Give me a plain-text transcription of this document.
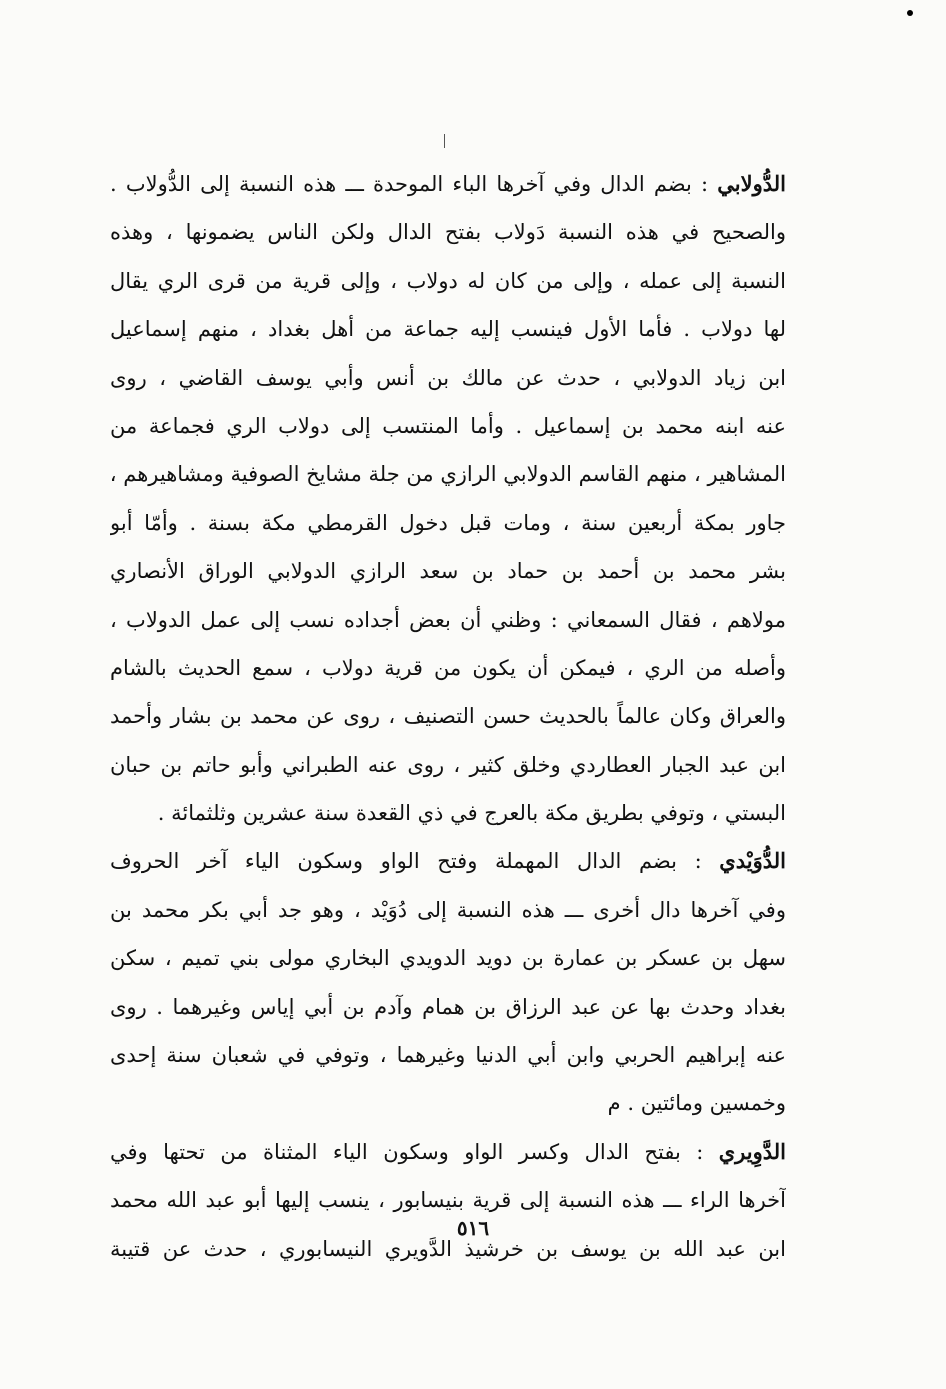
الدُّولابي : بضم الدال وفي آخرها الباء الموحدة ـــ هذه النسبة إلى الدُّولاب .
والصحيح في هذه النسبة دَولاب بفتح الدال ولكن الناس يضمونها ، وهذه
النسبة إلى عمله ، وإلى من كان له دولاب ، وإلى قرية من قرى الري يقال
لها دولاب . فأما الأول فينسب إليه جماعة من أهل بغداد ، منهم إسماعيل
ابن زياد الدولابي ، حدث عن مالك بن أنس وأبي يوسف القاضي ، روى
عنه ابنه محمد بن إسماعيل . وأما المنتسب إلى دولاب الري فجماعة من
المشاهير ، منهم القاسم الدولابي الرازي من جلة مشايخ الصوفية ومشاهيرهم ،
جاور بمكة أربعين سنة ، ومات قبل دخول القرمطي مكة بسنة . وأمّا أبو
بشر محمد بن أحمد بن حماد بن سعد الرازي الدولابي الوراق الأنصاري
مولاهم ، فقال السمعاني : وظني أن بعض أجداده نسب إلى عمل الدولاب ،
وأصله من الري ، فيمكن أن يكون من قرية دولاب ، سمع الحديث بالشام
والعراق وكان عالماً بالحديث حسن التصنيف ، روى عن محمد بن بشار وأحمد
ابن عبد الجبار العطاردي وخلق كثير ، روى عنه الطبراني وأبو حاتم بن حبان
البستي ، وتوفي بطريق مكة بالعرج في ذي القعدة سنة عشرين وثلثمائة .
الدُّوَيْدي : بضم الدال المهملة وفتح الواو وسكون الياء آخر الحروف
وفي آخرها دال أخرى ـــ هذه النسبة إلى دُوَيْد ، وهو جد أبي بكر محمد بن
سهل بن عسكر بن عمارة بن دويد الدويدي البخاري مولى بني تميم ، سكن
بغداد وحدث بها عن عبد الرزاق بن همام وآدم بن أبي إياس وغيرهما . روى
عنه إبراهيم الحربي وابن أبي الدنيا وغيرهما ، وتوفي في شعبان سنة إحدى
وخمسين ومائتين . م
الدَّوِيري : بفتح الدال وكسر الواو وسكون الياء المثناة من تحتها وفي
آخرها الراء ـــ هذه النسبة إلى قرية بنيسابور ، ينسب إليها أبو عبد الله محمد
ابن عبد الله بن يوسف بن خرشيذ الدَّويري النيسابوري ، حدث عن قتيبة
٥١٦
